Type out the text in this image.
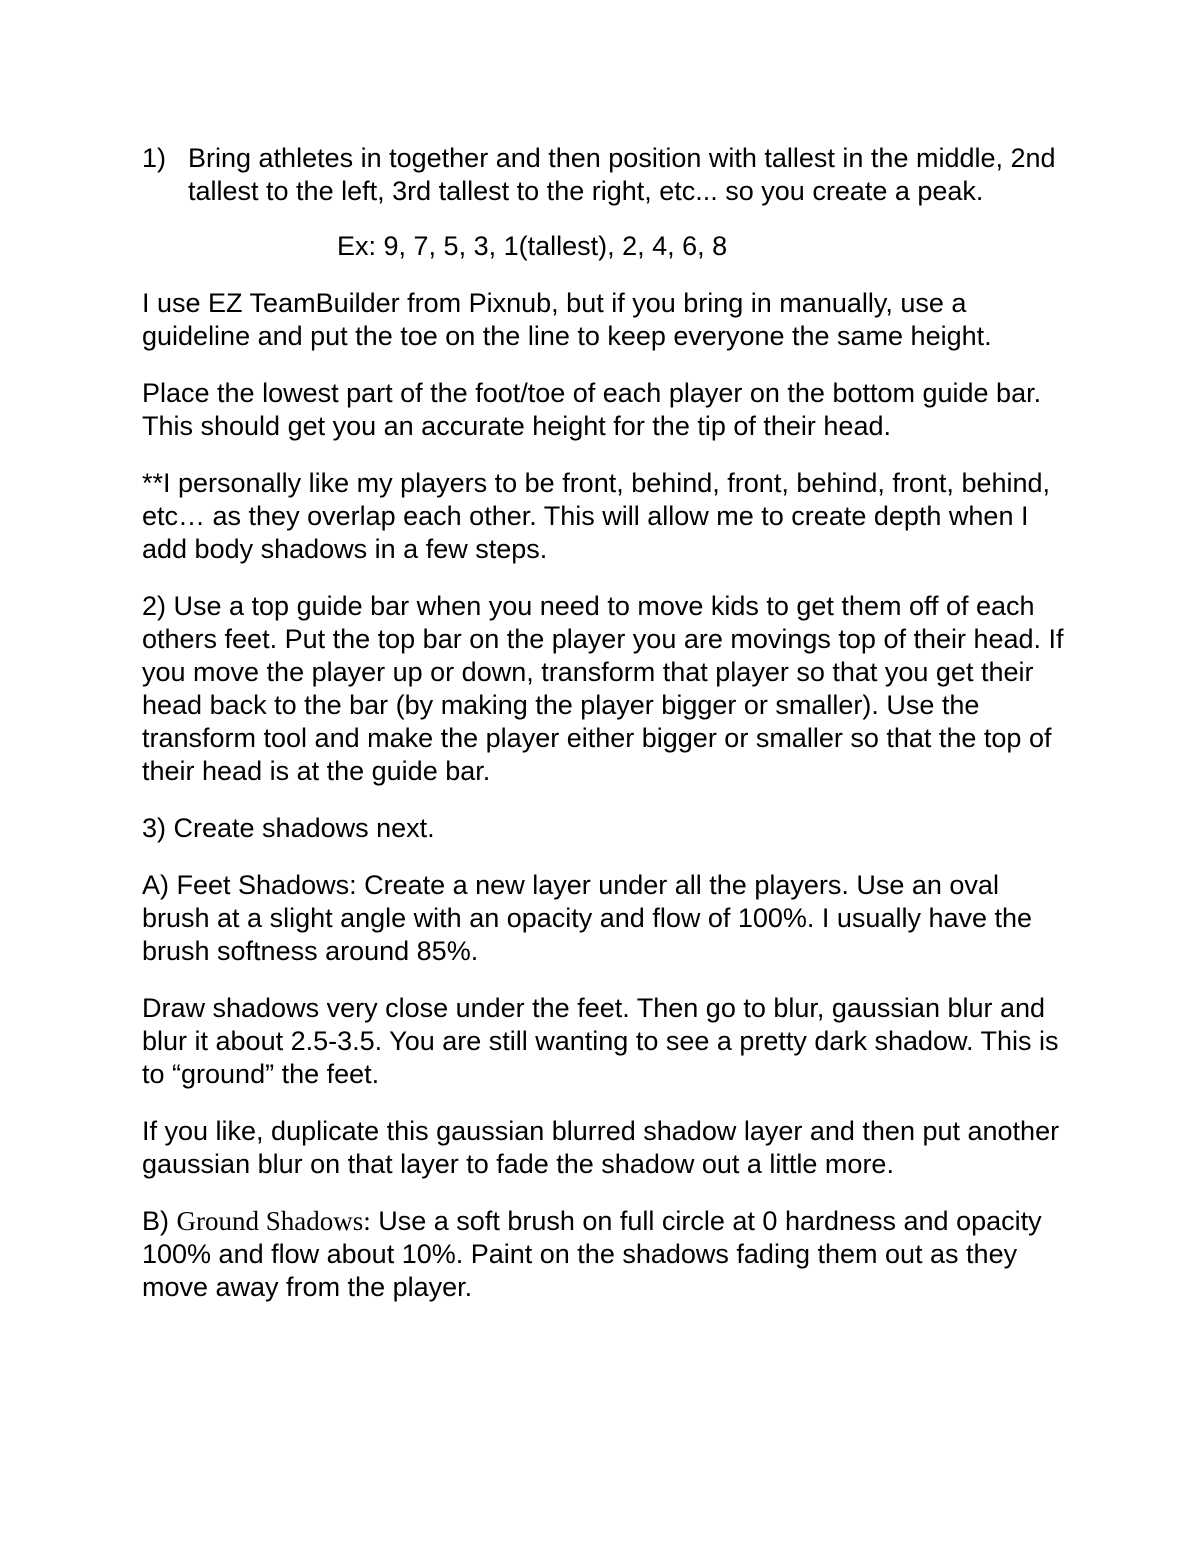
1) Bring athletes in together and then position with tallest in the middle, 2nd tallest to the left, 3rd tallest to the right, etc... so you create a peak.
Ex: 9, 7, 5, 3, 1(tallest), 2, 4, 6, 8

I use EZ TeamBuilder from Pixnub, but if you bring in manually, use a guideline and put the toe on the line to keep everyone the same height.

Place the lowest part of the foot/toe of each player on the bottom guide bar. This should get you an accurate height for the tip of their head.

**I personally like my players to be front, behind, front, behind, front, behind, etc… as they overlap each other. This will allow me to create depth when I add body shadows in a few steps.

2) Use a top guide bar when you need to move kids to get them off of each others feet. Put the top bar on the player you are movings top of their head. If you move the player up or down, transform that player so that you get their head back to the bar (by making the player bigger or smaller). Use the transform tool and make the player either bigger or smaller so that the top of their head is at the guide bar.

3) Create shadows next.

A) Feet Shadows: Create a new layer under all the players. Use an oval brush at a slight angle with an opacity and flow of 100%. I usually have the brush softness around 85%.

Draw shadows very close under the feet. Then go to blur, gaussian blur and blur it about 2.5-3.5. You are still wanting to see a pretty dark shadow. This is to “ground” the feet.

If you like, duplicate this gaussian blurred shadow layer and then put another gaussian blur on that layer to fade the shadow out a little more.

B) Ground Shadows: Use a soft brush on full circle at 0 hardness and opacity 100% and flow about 10%. Paint on the shadows fading them out as they move away from the player.
